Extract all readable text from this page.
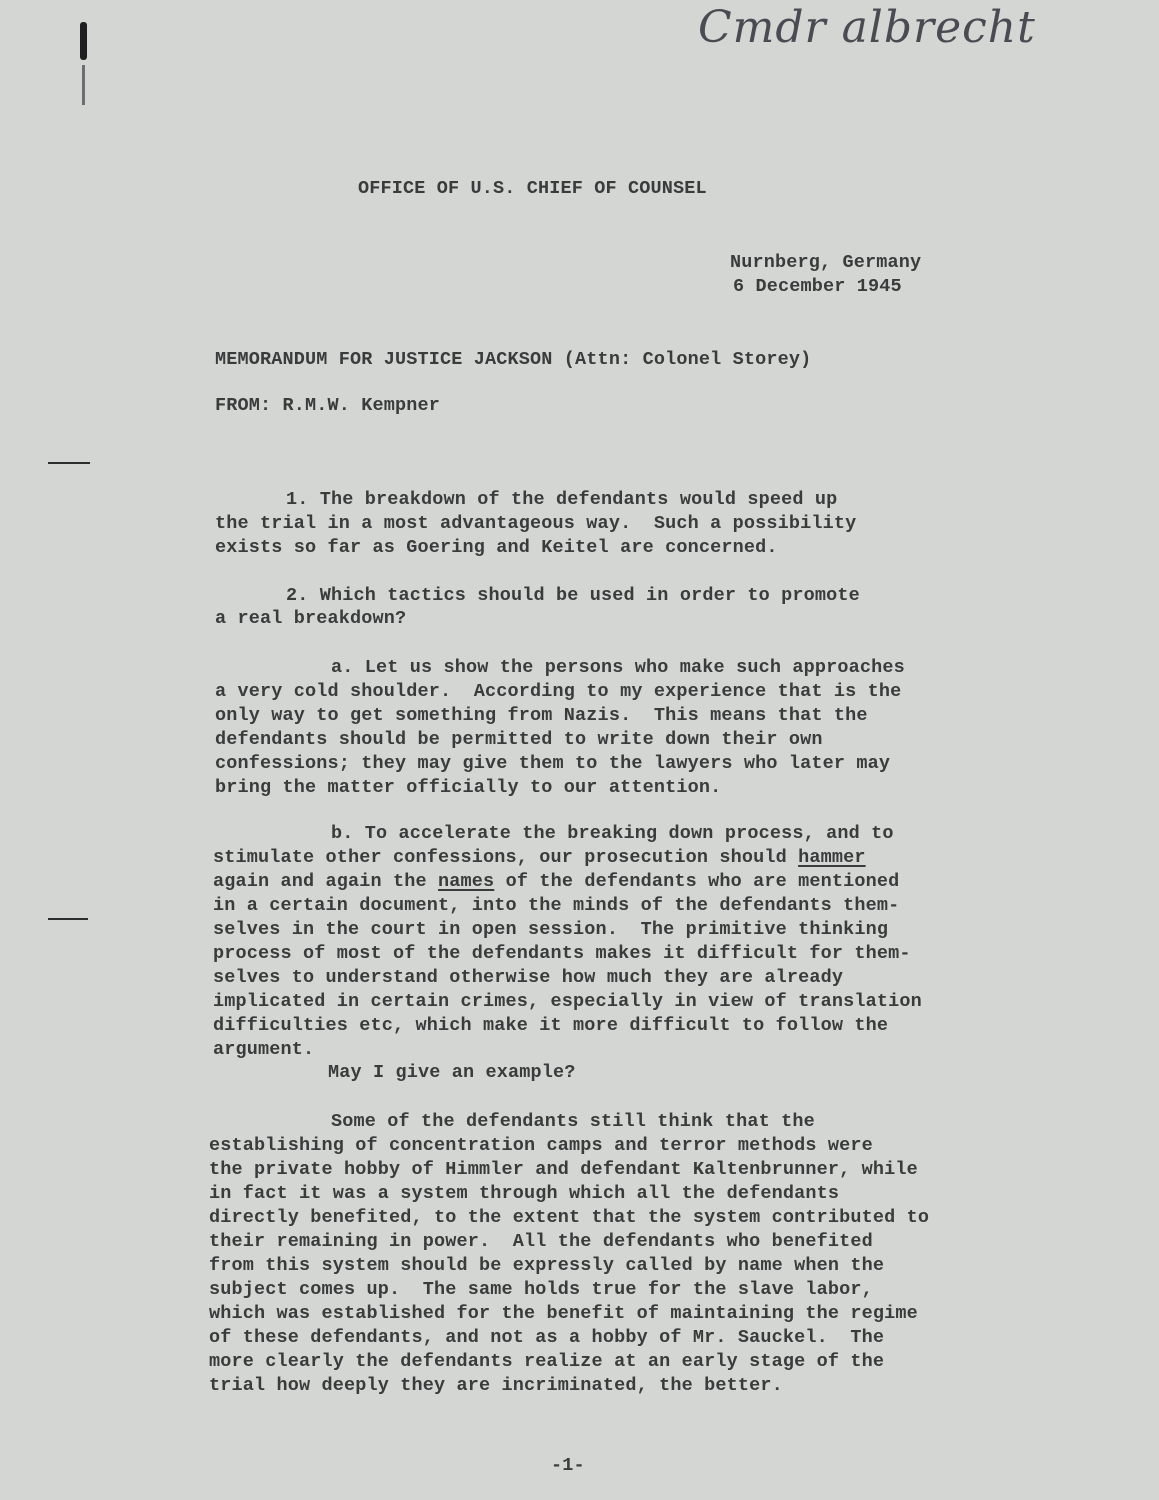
Cmdr albrecht
OFFICE OF U.S. CHIEF OF COUNSEL
Nurnberg, Germany
6 December 1945
MEMORANDUM FOR JUSTICE JACKSON (Attn: Colonel Storey)
FROM: R.M.W. Kempner
1. The breakdown of the defendants would speed up
the trial in a most advantageous way.  Such a possibility
exists so far as Goering and Keitel are concerned.
2. Which tactics should be used in order to promote
a real breakdown?
a. Let us show the persons who make such approaches
a very cold shoulder.  According to my experience that is the
only way to get something from Nazis.  This means that the
defendants should be permitted to write down their own
confessions; they may give them to the lawyers who later may
bring the matter officially to our attention.
b. To accelerate the breaking down process, and to
stimulate other confessions, our prosecution should hammer
again and again the names of the defendants who are mentioned
in a certain document, into the minds of the defendants them-
selves in the court in open session.  The primitive thinking
process of most of the defendants makes it difficult for them-
selves to understand otherwise how much they are already
implicated in certain crimes, especially in view of translation
difficulties etc, which make it more difficult to follow the
argument.
May I give an example?
Some of the defendants still think that the
establishing of concentration camps and terror methods were
the private hobby of Himmler and defendant Kaltenbrunner, while
in fact it was a system through which all the defendants
directly benefited, to the extent that the system contributed to
their remaining in power.  All the defendants who benefited
from this system should be expressly called by name when the
subject comes up.  The same holds true for the slave labor,
which was established for the benefit of maintaining the regime
of these defendants, and not as a hobby of Mr. Sauckel.  The
more clearly the defendants realize at an early stage of the
trial how deeply they are incriminated, the better.
-1-
